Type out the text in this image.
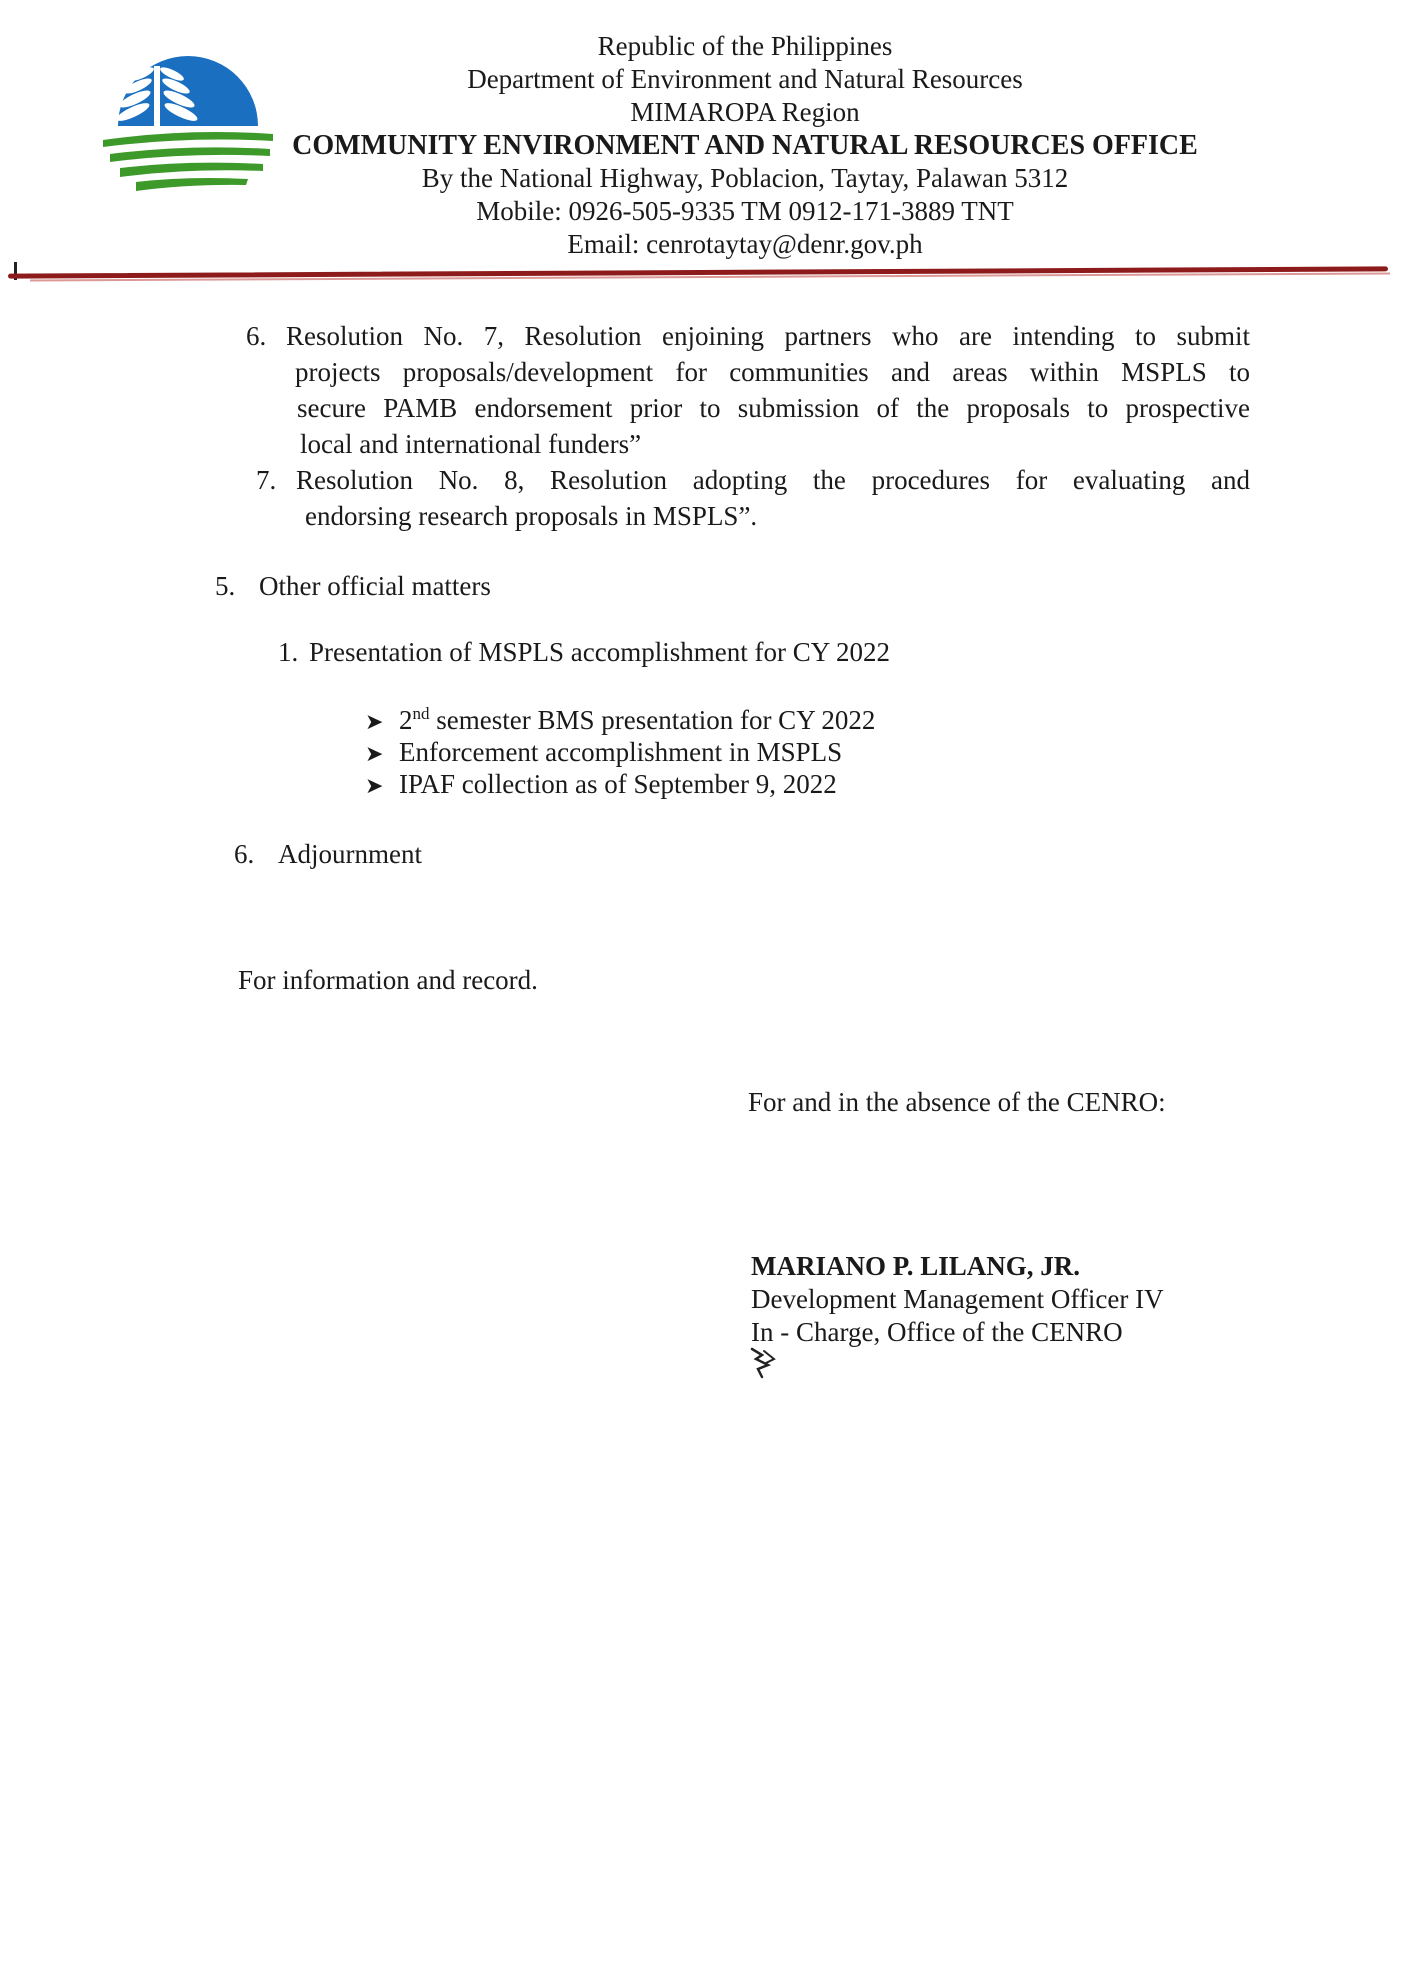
Republic of the Philippines
Department of Environment and Natural Resources
MIMAROPA Region
COMMUNITY ENVIRONMENT AND NATURAL RESOURCES OFFICE
By the National Highway, Poblacion, Taytay, Palawan 5312
Mobile: 0926-505-9335 TM 0912-171-3889 TNT
Email: cenrotaytay@denr.gov.ph
6. Resolution No. 7, Resolution enjoining partners who are intending to submit
projects proposals/development for communities and areas within MSPLS to
secure PAMB endorsement prior to submission of the proposals to prospective
local and international funders”
7. Resolution No. 8, Resolution adopting the procedures for evaluating and
endorsing research proposals in MSPLS”.
5. Other official matters
1. Presentation of MSPLS accomplishment for CY 2022
➤ 2nd semester BMS presentation for CY 2022
➤ Enforcement accomplishment in MSPLS
➤ IPAF collection as of September 9, 2022
6. Adjournment
For information and record.
For and in the absence of the CENRO:
MARIANO P. LILANG, JR.
Development Management Officer IV
In - Charge, Office of the CENRO
